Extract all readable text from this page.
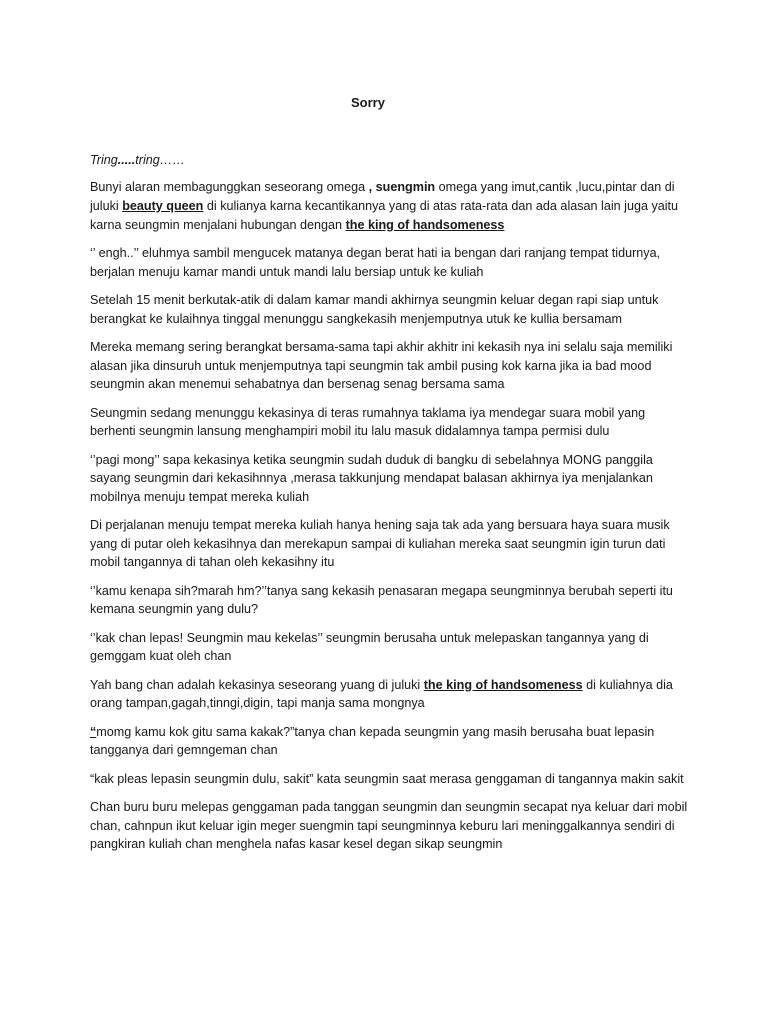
Sorry

Tring.....tring……

Bunyi alaran membagunggkan seseorang omega , suengmin omega yang imut,cantik ,lucu,pintar dan di juluki beauty queen di kulianya karna kecantikannya yang di atas rata-rata dan ada alasan lain juga yaitu karna seungmin menjalani hubungan dengan the king of handsomeness

‘’ engh..’’ eluhmya sambil mengucek matanya degan berat hati ia bengan dari ranjang tempat tidurnya, berjalan menuju kamar mandi untuk mandi lalu bersiap untuk ke kuliah

Setelah 15 menit berkutak-atik di dalam kamar mandi akhirnya seungmin keluar degan rapi siap untuk berangkat ke kulaihnya tinggal menunggu sangkekasih menjemputnya utuk ke kullia bersamam

Mereka memang sering berangkat bersama-sama tapi akhir akhitr ini kekasih nya ini selalu saja memiliki alasan jika dinsuruh untuk menjemputnya tapi seungmin tak ambil pusing kok karna jika ia bad mood seungmin akan menemui sehabatnya dan bersenag senag bersama sama

Seungmin sedang menunggu kekasinya di teras rumahnya taklama iya mendegar suara mobil yang berhenti seungmin lansung menghampiri mobil itu lalu masuk didalamnya tampa permisi dulu

‘’pagi mong’’ sapa kekasinya ketika seungmin sudah duduk di bangku di sebelahnya MONG panggila sayang seungmin dari kekasihnnya ,merasa takkunjung mendapat balasan akhirnya iya menjalankan mobilnya menuju tempat mereka kuliah

Di perjalanan menuju tempat mereka kuliah hanya hening saja tak ada yang bersuara haya suara musik yang di putar oleh kekasihnya dan merekapun sampai di kuliahan mereka saat seungmin igin turun dati mobil tangannya di tahan oleh kekasihny itu

‘’kamu kenapa sih?marah hm?’’tanya sang kekasih penasaran megapa seungminnya berubah seperti itu kemana seungmin yang dulu?

‘’kak chan lepas! Seungmin mau kekelas’’ seungmin berusaha untuk melepaskan tangannya yang di gemggam kuat oleh chan

Yah bang chan adalah kekasinya seseorang yuang di juluki the king of handsomeness di kuliahnya dia orang tampan,gagah,tinngi,digin, tapi manja sama mongnya

“momg kamu kok gitu sama kakak?”tanya chan kepada seungmin yang masih berusaha buat lepasin tangganya dari gemngeman chan

“kak pleas lepasin seungmin dulu, sakit” kata seungmin saat merasa genggaman di tangannya makin sakit

Chan buru buru melepas genggaman pada tanggan seungmin dan seungmin secapat nya keluar dari mobil chan, cahnpun ikut keluar igin meger suengmin tapi seungminnya keburu lari meninggalkannya sendiri di pangkiran kuliah chan menghela nafas kasar kesel degan sikap seungmin
